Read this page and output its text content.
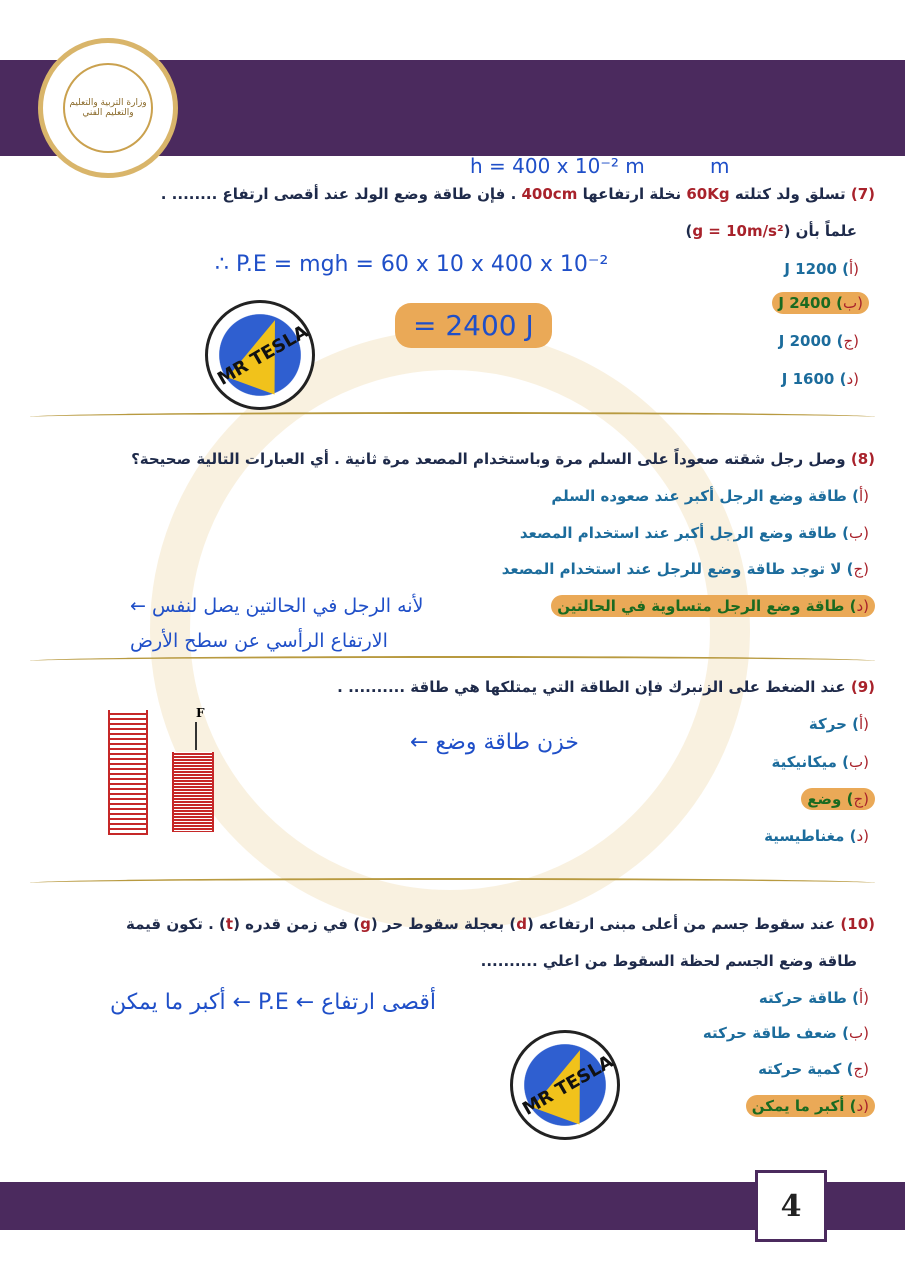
وزارة التربية والتعليم والتعليم الفني
h = 400 x 10⁻² m	m
(7) تسلق ولد كتلته 60Kg نخلة ارتفاعها 400cm . فإن طاقة وضع الولد عند أقصى ارتفاع ........ .
علماً بأن (g = 10m/s²)
∴ P.E = mgh = 60 x 10 x 400 x 10⁻²
= 2400 J
(أ) 1200 J
(ب) 2400 J
(ج) 2000 J
(د) 1600 J
MR TESLA
(8) وصل رجل شقته صعوداً على السلم مرة وباستخدام المصعد مرة ثانية . أي العبارات التالية صحيحة؟
(أ) طاقة وضع الرجل أكبر عند صعوده السلم
(ب) طاقة وضع الرجل أكبر عند استخدام المصعد
(ج) لا توجد طاقة وضع للرجل عند استخدام المصعد
(د) طاقة وضع الرجل متساوية في الحالتين
لأنه الرجل في الحالتين يصل لنفس ←
الارتفاع الرأسي عن سطح الأرض
(9) عند الضغط على الزنبرك فإن الطاقة التي يمتلكها هي طاقة .......... .
(أ) حركة
(ب) ميكانيكية
(ج) وضع
(د) مغناطيسية
خزن طاقة وضع ←
F
(10) عند سقوط جسم من أعلى مبنى ارتفاعه (d) بعجلة سقوط حر (g) في زمن قدره (t) . تكون قيمة
طاقة وضع الجسم لحظة السقوط من اعلي ..........
أقصى ارتفاع ← P.E ← أكبر ما يمكن	(أ) طاقة حركته
(ب) ضعف طاقة حركته
(ج) كمية حركته
(د) أكبر ما يمكن
MR TESLA
4
